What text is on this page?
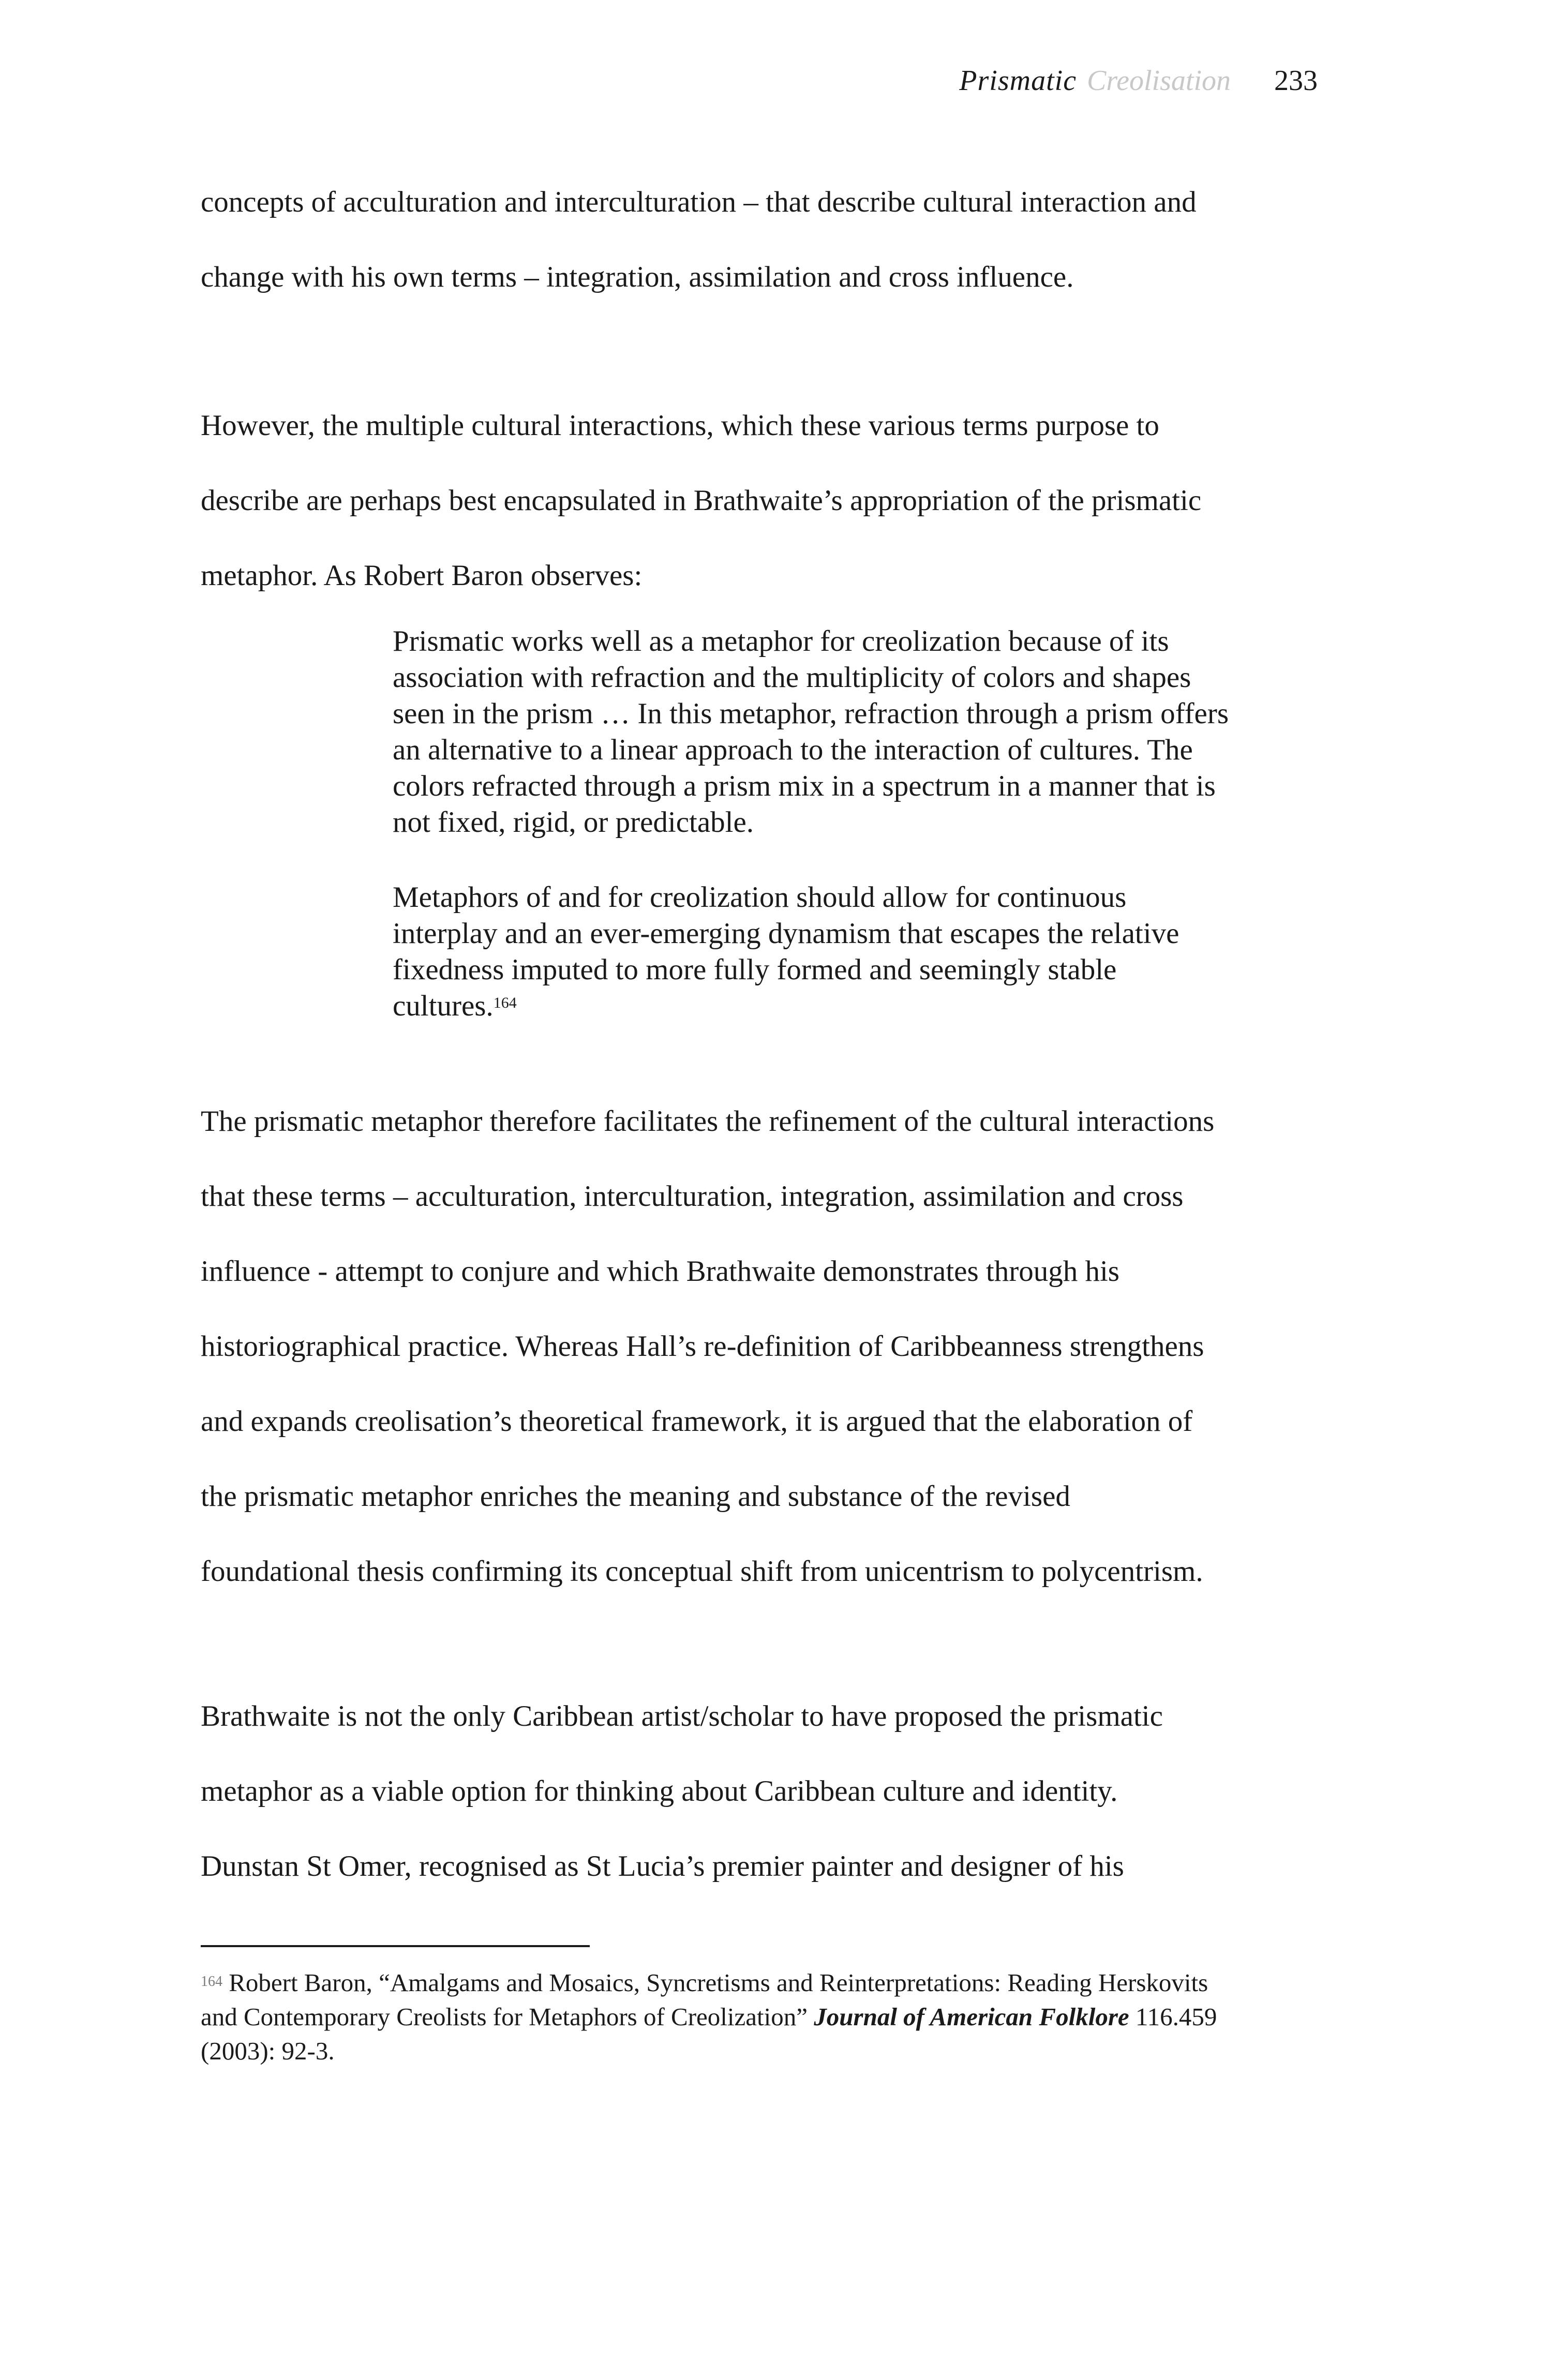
Prismatic Creolisation 233
concepts of acculturation and interculturation – that describe cultural interaction and
change with his own terms – integration, assimilation and cross influence.
However, the multiple cultural interactions, which these various terms purpose to
describe are perhaps best encapsulated in Brathwaite’s appropriation of the prismatic
metaphor. As Robert Baron observes:
Prismatic works well as a metaphor for creolization because of its
association with refraction and the multiplicity of colors and shapes
seen in the prism … In this metaphor, refraction through a prism offers
an alternative to a linear approach to the interaction of cultures. The
colors refracted through a prism mix in a spectrum in a manner that is
not fixed, rigid, or predictable.
Metaphors of and for creolization should allow for continuous
interplay and an ever-emerging dynamism that escapes the relative
fixedness imputed to more fully formed and seemingly stable
cultures.$^{164}$
The prismatic metaphor therefore facilitates the refinement of the cultural interactions
that these terms – acculturation, interculturation, integration, assimilation and cross
influence - attempt to conjure and which Brathwaite demonstrates through his
historiographical practice. Whereas Hall’s re-definition of Caribbeanness strengthens
and expands creolisation’s theoretical framework, it is argued that the elaboration of
the prismatic metaphor enriches the meaning and substance of the revised
foundational thesis confirming its conceptual shift from unicentrism to polycentrism.
Brathwaite is not the only Caribbean artist/scholar to have proposed the prismatic
metaphor as a viable option for thinking about Caribbean culture and identity.
Dunstan St Omer, recognised as St Lucia’s premier painter and designer of his
$^{164}$ Robert Baron, “Amalgams and Mosaics, Syncretisms and Reinterpretations: Reading Herskovits
and Contemporary Creolists for Metaphors of Creolization” Journal of American Folklore 116.459
(2003): 92-3.
